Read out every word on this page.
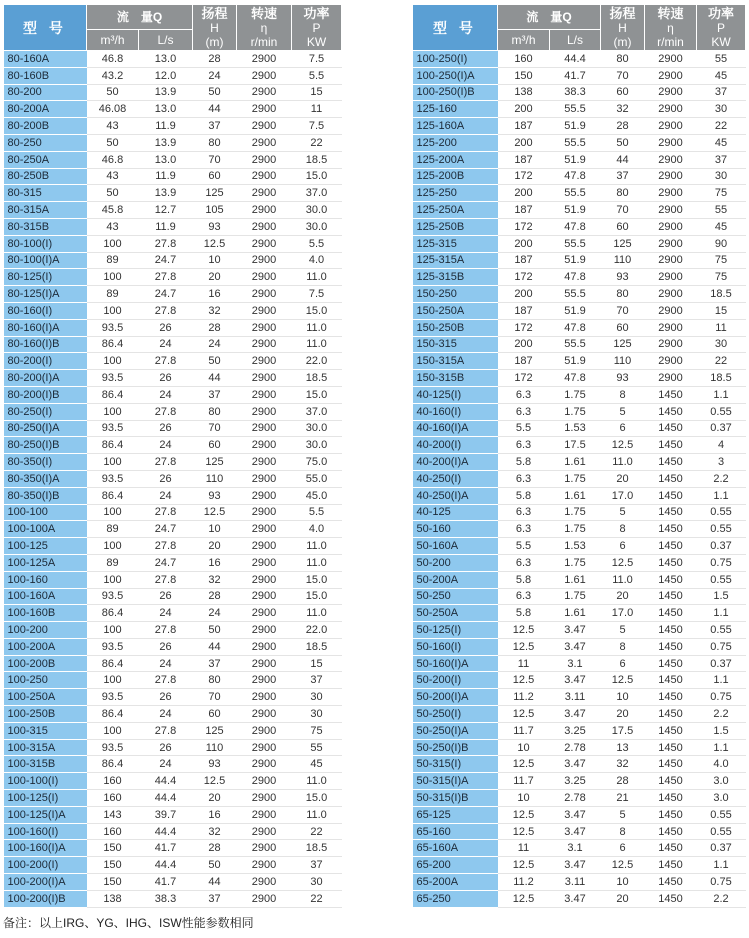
型 号	流　量Q		扬程
H
(m)	转速
η
r/min	功率
P
KW

	m³/h	L/s			
80-160A	46.8	13.0	28	2900	7.5
80-160B	43.2	12.0	24	2900	5.5
80-200	50	13.9	50	2900	15
80-200A	46.08	13.0	44	2900	11
80-200B	43	11.9	37	2900	7.5
80-250	50	13.9	80	2900	22
80-250A	46.8	13.0	70	2900	18.5
80-250B	43	11.9	60	2900	15.0
80-315	50	13.9	125	2900	37.0
80-315A	45.8	12.7	105	2900	30.0
80-315B	43	11.9	93	2900	30.0
80-100(I)	100	27.8	12.5	2900	5.5
80-100(I)A	89	24.7	10	2900	4.0
80-125(I)	100	27.8	20	2900	11.0
80-125(I)A	89	24.7	16	2900	7.5
80-160(I)	100	27.8	32	2900	15.0
80-160(I)A	93.5	26	28	2900	11.0
80-160(I)B	86.4	24	24	2900	11.0
80-200(I)	100	27.8	50	2900	22.0
80-200(I)A	93.5	26	44	2900	18.5
80-200(I)B	86.4	24	37	2900	15.0
80-250(I)	100	27.8	80	2900	37.0
80-250(I)A	93.5	26	70	2900	30.0
80-250(I)B	86.4	24	60	2900	30.0
80-350(I)	100	27.8	125	2900	75.0
80-350(I)A	93.5	26	110	2900	55.0
80-350(I)B	86.4	24	93	2900	45.0
100-100	100	27.8	12.5	2900	5.5
100-100A	89	24.7	10	2900	4.0
100-125	100	27.8	20	2900	11.0
100-125A	89	24.7	16	2900	11.0
100-160	100	27.8	32	2900	15.0
100-160A	93.5	26	28	2900	15.0
100-160B	86.4	24	24	2900	11.0
100-200	100	27.8	50	2900	22.0
100-200A	93.5	26	44	2900	18.5
100-200B	86.4	24	37	2900	15
100-250	100	27.8	80	2900	37
100-250A	93.5	26	70	2900	30
100-250B	86.4	24	60	2900	30
100-315	100	27.8	125	2900	75
100-315A	93.5	26	110	2900	55
100-315B	86.4	24	93	2900	45
100-100(I)	160	44.4	12.5	2900	11.0
100-125(I)	160	44.4	20	2900	15.0
100-125(I)A	143	39.7	16	2900	11.0
100-160(I)	160	44.4	32	2900	22
100-160(I)A	150	41.7	28	2900	18.5
100-200(I)	150	44.4	50	2900	37
100-200(I)A	150	41.7	44	2900	30
100-200(I)B	138	38.3	37	2900	22
型 号	流　量Q		扬程
H
(m)	转速
η
r/min	功率
P
KW

	m³/h	L/s			
100-250(I)	160	44.4	80	2900	55
100-250(I)A	150	41.7	70	2900	45
100-250(I)B	138	38.3	60	2900	37
125-160	200	55.5	32	2900	30
125-160A	187	51.9	28	2900	22
125-200	200	55.5	50	2900	45
125-200A	187	51.9	44	2900	37
125-200B	172	47.8	37	2900	30
125-250	200	55.5	80	2900	75
125-250A	187	51.9	70	2900	55
125-250B	172	47.8	60	2900	45
125-315	200	55.5	125	2900	90
125-315A	187	51.9	110	2900	75
125-315B	172	47.8	93	2900	75
150-250	200	55.5	80	2900	18.5
150-250A	187	51.9	70	2900	15
150-250B	172	47.8	60	2900	11
150-315	200	55.5	125	2900	30
150-315A	187	51.9	110	2900	22
150-315B	172	47.8	93	2900	18.5
40-125(I)	6.3	1.75	8	1450	1.1
40-160(I)	6.3	1.75	5	1450	0.55
40-160(I)A	5.5	1.53	6	1450	0.37
40-200(I)	6.3	17.5	12.5	1450	4
40-200(I)A	5.8	1.61	11.0	1450	3
40-250(I)	6.3	1.75	20	1450	2.2
40-250(I)A	5.8	1.61	17.0	1450	1.1
40-125	6.3	1.75	5	1450	0.55
50-160	6.3	1.75	8	1450	0.55
50-160A	5.5	1.53	6	1450	0.37
50-200	6.3	1.75	12.5	1450	0.75
50-200A	5.8	1.61	11.0	1450	0.55
50-250	6.3	1.75	20	1450	1.5
50-250A	5.8	1.61	17.0	1450	1.1
50-125(I)	12.5	3.47	5	1450	0.55
50-160(I)	12.5	3.47	8	1450	0.75
50-160(I)A	11	3.1	6	1450	0.37
50-200(I)	12.5	3.47	12.5	1450	1.1
50-200(I)A	11.2	3.11	10	1450	0.75
50-250(I)	12.5	3.47	20	1450	2.2
50-250(I)A	11.7	3.25	17.5	1450	1.5
50-250(I)B	10	2.78	13	1450	1.1
50-315(I)	12.5	3.47	32	1450	4.0
50-315(I)A	11.7	3.25	28	1450	3.0
50-315(I)B	10	2.78	21	1450	3.0
65-125	12.5	3.47	5	1450	0.55
65-160	12.5	3.47	8	1450	0.55
65-160A	11	3.1	6	1450	0.37
65-200	12.5	3.47	12.5	1450	1.1
65-200A	11.2	3.11	10	1450	0.75
65-250	12.5	3.47	20	1450	2.2
备注：以上IRG、YG、IHG、ISW性能参数相同
